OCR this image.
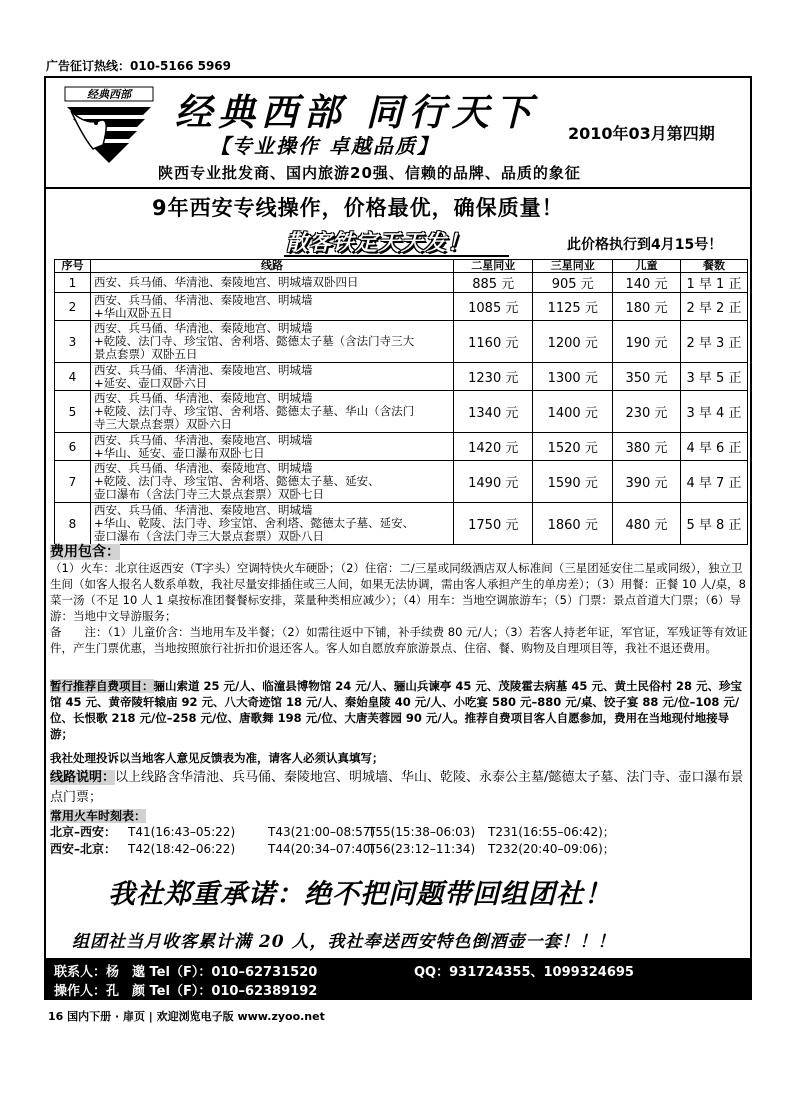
广告征订热线：010-5166 5969
经典西部 经典西部 同行天下
【专业操作 卓越品质】
2010年03月第四期
陕西专业批发商、国内旅游20强、信赖的品牌、品质的象征
9年西安专线操作，价格最优，确保质量！
散客铁定天天发！	此价格执行到4月15号！
序号	线路	二星同业	三星同业	儿童	餐数
1	西安、兵马俑、华清池、秦陵地宫、明城墙双卧四日	885 元	905 元	140 元	1 早 1 正
2	西安、兵马俑、华清池、秦陵地宫、明城墙
+华山双卧五日	1085 元	1125 元	180 元	2 早 2 正
3	西安、兵马俑、华清池、秦陵地宫、明城墙
+乾陵、法门寺、珍宝馆、舍利塔、懿德太子墓（含法门寺三大
景点套票）双卧五日	1160 元	1200 元	190 元	2 早 3 正
4	西安、兵马俑、华清池、秦陵地宫、明城墙
+延安、壶口双卧六日	1230 元	1300 元	350 元	3 早 5 正
5	西安、兵马俑、华清池、秦陵地宫、明城墙
+乾陵、法门寺、珍宝馆、舍利塔、懿德太子墓、华山（含法门
寺三大景点套票）双卧六日	1340 元	1400 元	230 元	3 早 4 正
6	西安、兵马俑、华清池、秦陵地宫、明城墙
+华山、延安、壶口瀑布双卧七日	1420 元	1520 元	380 元	4 早 6 正
7	西安、兵马俑、华清池、秦陵地宫、明城墙
+乾陵、法门寺、珍宝馆、舍利塔、懿德太子墓、延安、
壶口瀑布（含法门寺三大景点套票）双卧七日	1490 元	1590 元	390 元	4 早 7 正
8	西安、兵马俑、华清池、秦陵地宫、明城墙
+华山、乾陵、法门寺、珍宝馆、舍利塔、懿德太子墓、延安、
壶口瀑布（含法门寺三大景点套票）双卧八日	1750 元	1860 元	480 元	5 早 8 正
费用包含：
（1）火车：北京往返西安（T字头）空调特快火车硬卧；（2）住宿：二/三星或同级酒店双人标准间（三星团延安住二星或同级），独立卫生间（如客人报名人数系单数，我社尽量安排插住或三人间，如果无法协调，需由客人承担产生的单房差）；（3）用餐：正餐 10 人/桌，8 菜一汤（不足 10 人 1 桌按标准团餐餐标安排，菜量种类相应减少）；（4）用车：当地空调旅游车；（5）门票：景点首道大门票；（6）导游：当地中文导游服务；
备　　注：（1）儿童价含：当地用车及半餐；（2）如需往返中下铺，补手续费 80 元/人；（3）若客人持老年证，军官证，军残证等有效证件，产生门票优惠，当地按照旅行社折扣价退还客人。客人如自愿放弃旅游景点、住宿、餐、购物及自理项目等，我社不退还费用。
暂行推荐自费项目：骊山索道 25 元/人、临潼县博物馆 24 元/人、骊山兵谏亭 45 元、茂陵霍去病墓 45 元、黄土民俗村 28 元、珍宝馆 45 元、黄帝陵轩辕庙 92 元、八大奇迹馆 18 元/人、秦始皇陵 40 元/人、小吃宴 580 元–880 元/桌、饺子宴 88 元/位–108 元/位、长恨歌 218 元/位–258 元/位、唐歌舞 198 元/位、大唐芙蓉园 90 元/人。推荐自费项目客人自愿参加，费用在当地现付地接导游；
我社处理投诉以当地客人意见反馈表为准，请客人必须认真填写；
线路说明：以上线路含华清池、兵马俑、秦陵地宫、明城墙、华山、乾陵、永泰公主墓/懿德太子墓、法门寺、壶口瀑布景点门票；
常用火车时刻表：
北京–西安： T41(16:43–05:22)	T43(21:00–08:57)
T55(15:38–06:03) T231(16:55–06:42)；
西安–北京： T42(18:42–06:22)	T44(20:34–07:40)
T56(23:12–11:34) T232(20:40–09:06)；
我社郑重承诺：绝不把问题带回组团社！
组团社当月收客累计满 20 人，我社奉送西安特色倒酒壶一套！！！
联系人：杨　邈 Tel（F）：010–62731520	QQ：931724355、1099324695
操作人：孔　颜 Tel（F）：010–62389192
16 国内下册 · 扉页 | 欢迎浏览电子版 www.zyoo.net
